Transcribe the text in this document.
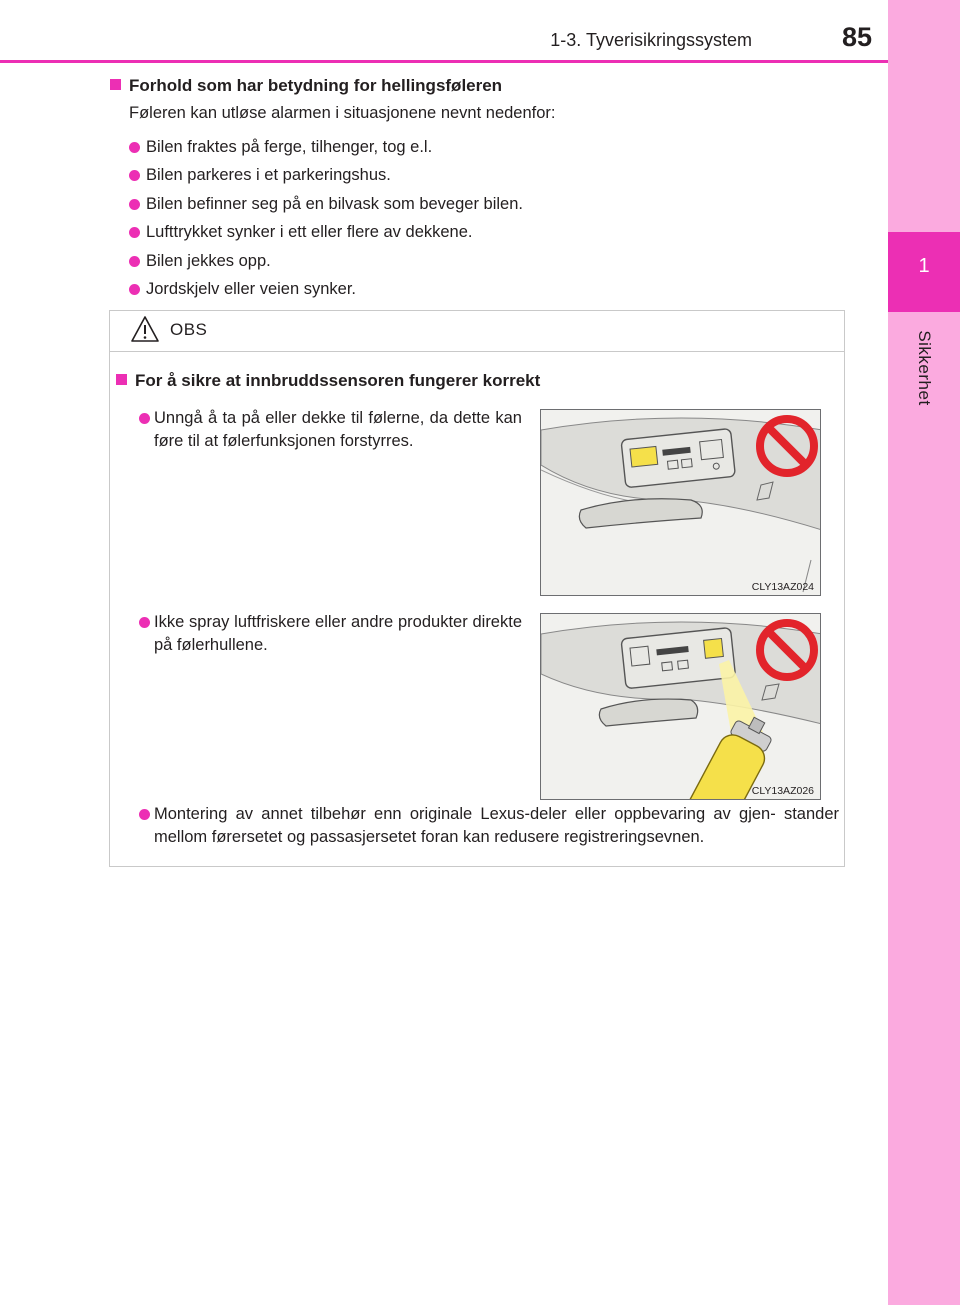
1
Sikkerhet
1-3. Tyverisikringssystem	85
Forhold som har betydning for hellingsføleren
Føleren kan utløse alarmen i situasjonene nevnt nedenfor:
Bilen fraktes på ferge, tilhenger, tog e.l.
Bilen parkeres i et parkeringshus.
Bilen befinner seg på en bilvask som beveger bilen.
Lufttrykket synker i ett eller flere av dekkene.
Bilen jekkes opp.
Jordskjelv eller veien synker.
OBS
For å sikre at innbruddssensoren fungerer korrekt
Unngå å ta på eller dekke til følerne, da dette kan føre til at følerfunksjonen forstyrres.
CLY13AZ024
Ikke spray luftfriskere eller andre produkter direkte på følerhullene.
CLY13AZ026
Montering av annet tilbehør enn originale Lexus-deler eller oppbevaring av gjen- stander mellom førersetet og passasjersetet foran kan redusere registreringsevnen.
